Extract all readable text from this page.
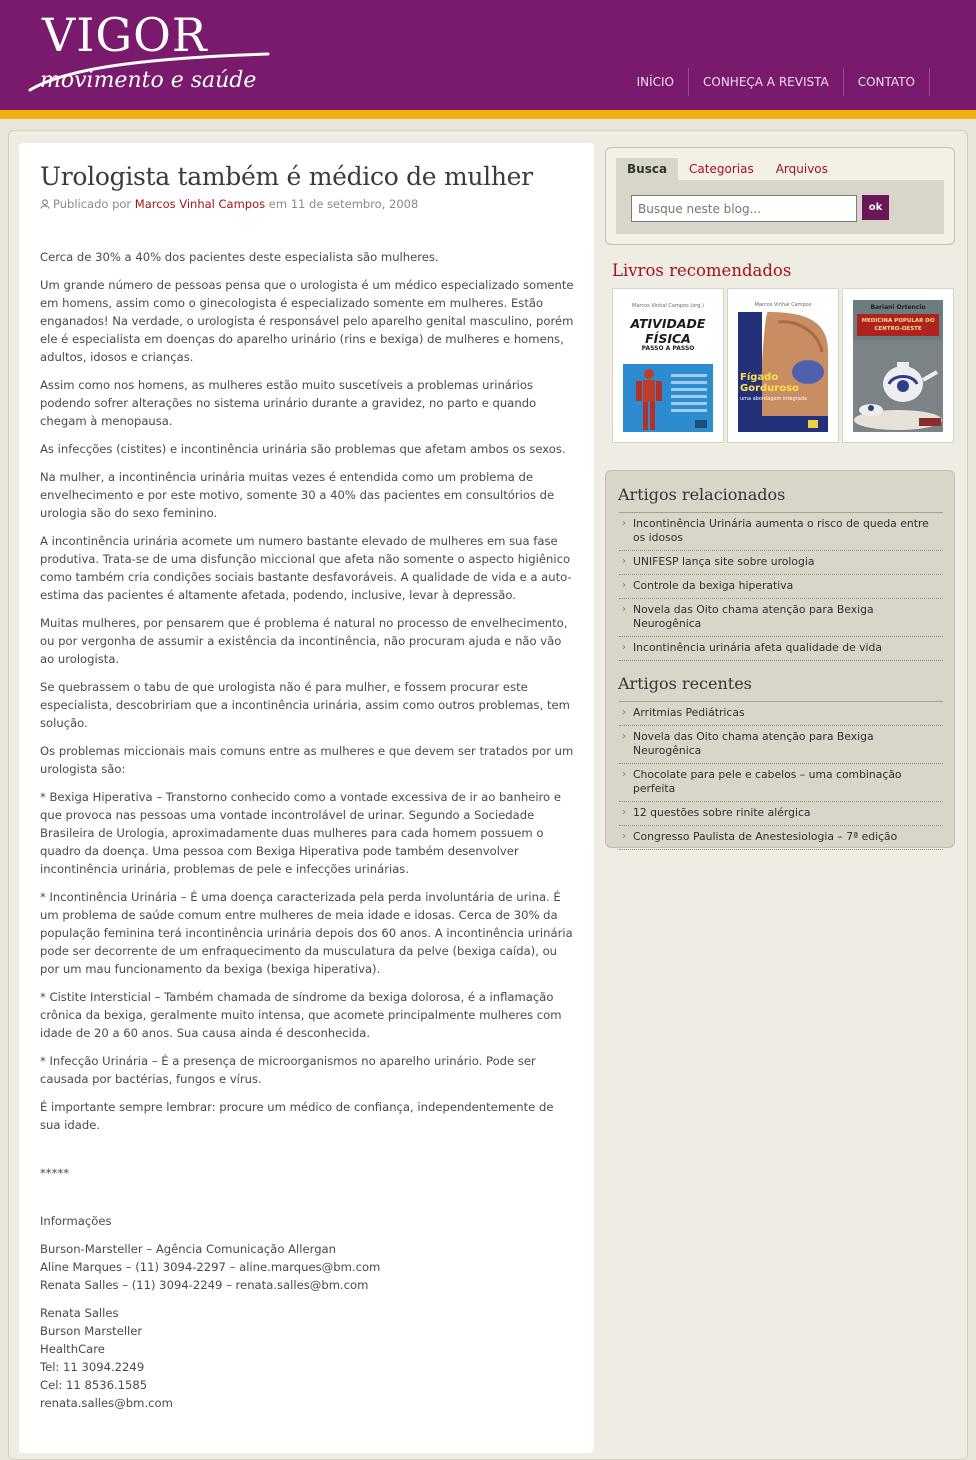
VIGOR
movimento e saúde	INÍCIO	CONHEÇA A REVISTA	CONTATO
Urologista também é médico de mulher
Publicado por Marcos Vinhal Campos em 11 de setembro, 2008

Cerca de 30% a 40% dos pacientes deste especialista são mulheres.

Um grande número de pessoas pensa que o urologista é um médico especializado somente em homens, assim como o ginecologista é especializado somente em mulheres. Estão enganados! Na verdade, o urologista é responsável pelo aparelho genital masculino, porém ele é especialista em doenças do aparelho urinário (rins e bexiga) de mulheres e homens, adultos, idosos e crianças.

Assim como nos homens, as mulheres estão muito suscetíveis a problemas urinários podendo sofrer alterações no sistema urinário durante a gravidez, no parto e quando chegam à menopausa.

As infecções (cistites) e incontinência urinária são problemas que afetam ambos os sexos.

Na mulher, a incontinência urinária muitas vezes é entendida como um problema de envelhecimento e por este motivo, somente 30 a 40% das pacientes em consultórios de urologia são do sexo feminino.

A incontinência urinária acomete um numero bastante elevado de mulheres em sua fase produtiva. Trata-se de uma disfunção miccional que afeta não somente o aspecto higiênico como também cria condições sociais bastante desfavoráveis. A qualidade de vida e a auto-estima das pacientes é altamente afetada, podendo, inclusive, levar à depressão.

Muitas mulheres, por pensarem que é problema é natural no processo de envelhecimento, ou por vergonha de assumir a existência da incontinência, não procuram ajuda e não vão ao urologista.

Se quebrassem o tabu de que urologista não é para mulher, e fossem procurar este especialista, descobririam que a incontinência urinária, assim como outros problemas, tem solução.

Os problemas miccionais mais comuns entre as mulheres e que devem ser tratados por um urologista são:

* Bexiga Hiperativa – Transtorno conhecido como a vontade excessiva de ir ao banheiro e que provoca nas pessoas uma vontade incontrolável de urinar. Segundo a Sociedade Brasileira de Urologia, aproximadamente duas mulheres para cada homem possuem o quadro da doença. Uma pessoa com Bexiga Hiperativa pode também desenvolver incontinência urinária, problemas de pele e infecções urinárias.

* Incontinência Urinária – É uma doença caracterizada pela perda involuntária de urina. É um problema de saúde comum entre mulheres de meia idade e idosas. Cerca de 30% da população feminina terá incontinência urinária depois dos 60 anos. A incontinência urinária pode ser decorrente de um enfraquecimento da musculatura da pelve (bexiga caída), ou por um mau funcionamento da bexiga (bexiga hiperativa).

* Cistite Intersticial – Também chamada de síndrome da bexiga dolorosa, é a inflamação crônica da bexiga, geralmente muito intensa, que acomete principalmente mulheres com idade de 20 a 60 anos. Sua causa ainda é desconhecida.

* Infecção Urinária – É a presença de microorganismos no aparelho urinário. Pode ser causada por bactérias, fungos e vírus.

É importante sempre lembrar: procure um médico de confiança, independentemente de sua idade.

*****

Informações

Burson-Marsteller – Agência Comunicação Allergan
Aline Marques – (11) 3094-2297 – aline.marques@bm.com
Renata Salles – (11) 3094-2249 – renata.salles@bm.com

Renata Salles
Burson Marsteller
HealthCare
Tel: 11 3094.2249
Cel: 11 8536.1585
renata.salles@bm.com

Busca	Categorias	Arquivos
Busque neste blog...
ok
Livros recomendados
Marcos Vinhal Campos (org.)
ATIVIDADE FÍSICA
PASSO A PASSO
Marcos Vinhal Campos
Fígado Gorduroso
uma abordagem integrada
Bariani Ortencio
MEDICINA POPULAR DO CENTRO-OESTE
Artigos relacionados
› Incontinência Urinária aumenta o risco de queda entre os idosos
› UNIFESP lança site sobre urologia
› Controle da bexiga hiperativa
› Novela das Oito chama atenção para Bexiga Neurogênica
› Incontinência urinária afeta qualidade de vida
Artigos recentes
› Arritmias Pediátricas
› Novela das Oito chama atenção para Bexiga Neurogênica
› Chocolate para pele e cabelos – uma combinação perfeita
› 12 questões sobre rinite alérgica
› Congresso Paulista de Anestesiologia – 7ª edição
